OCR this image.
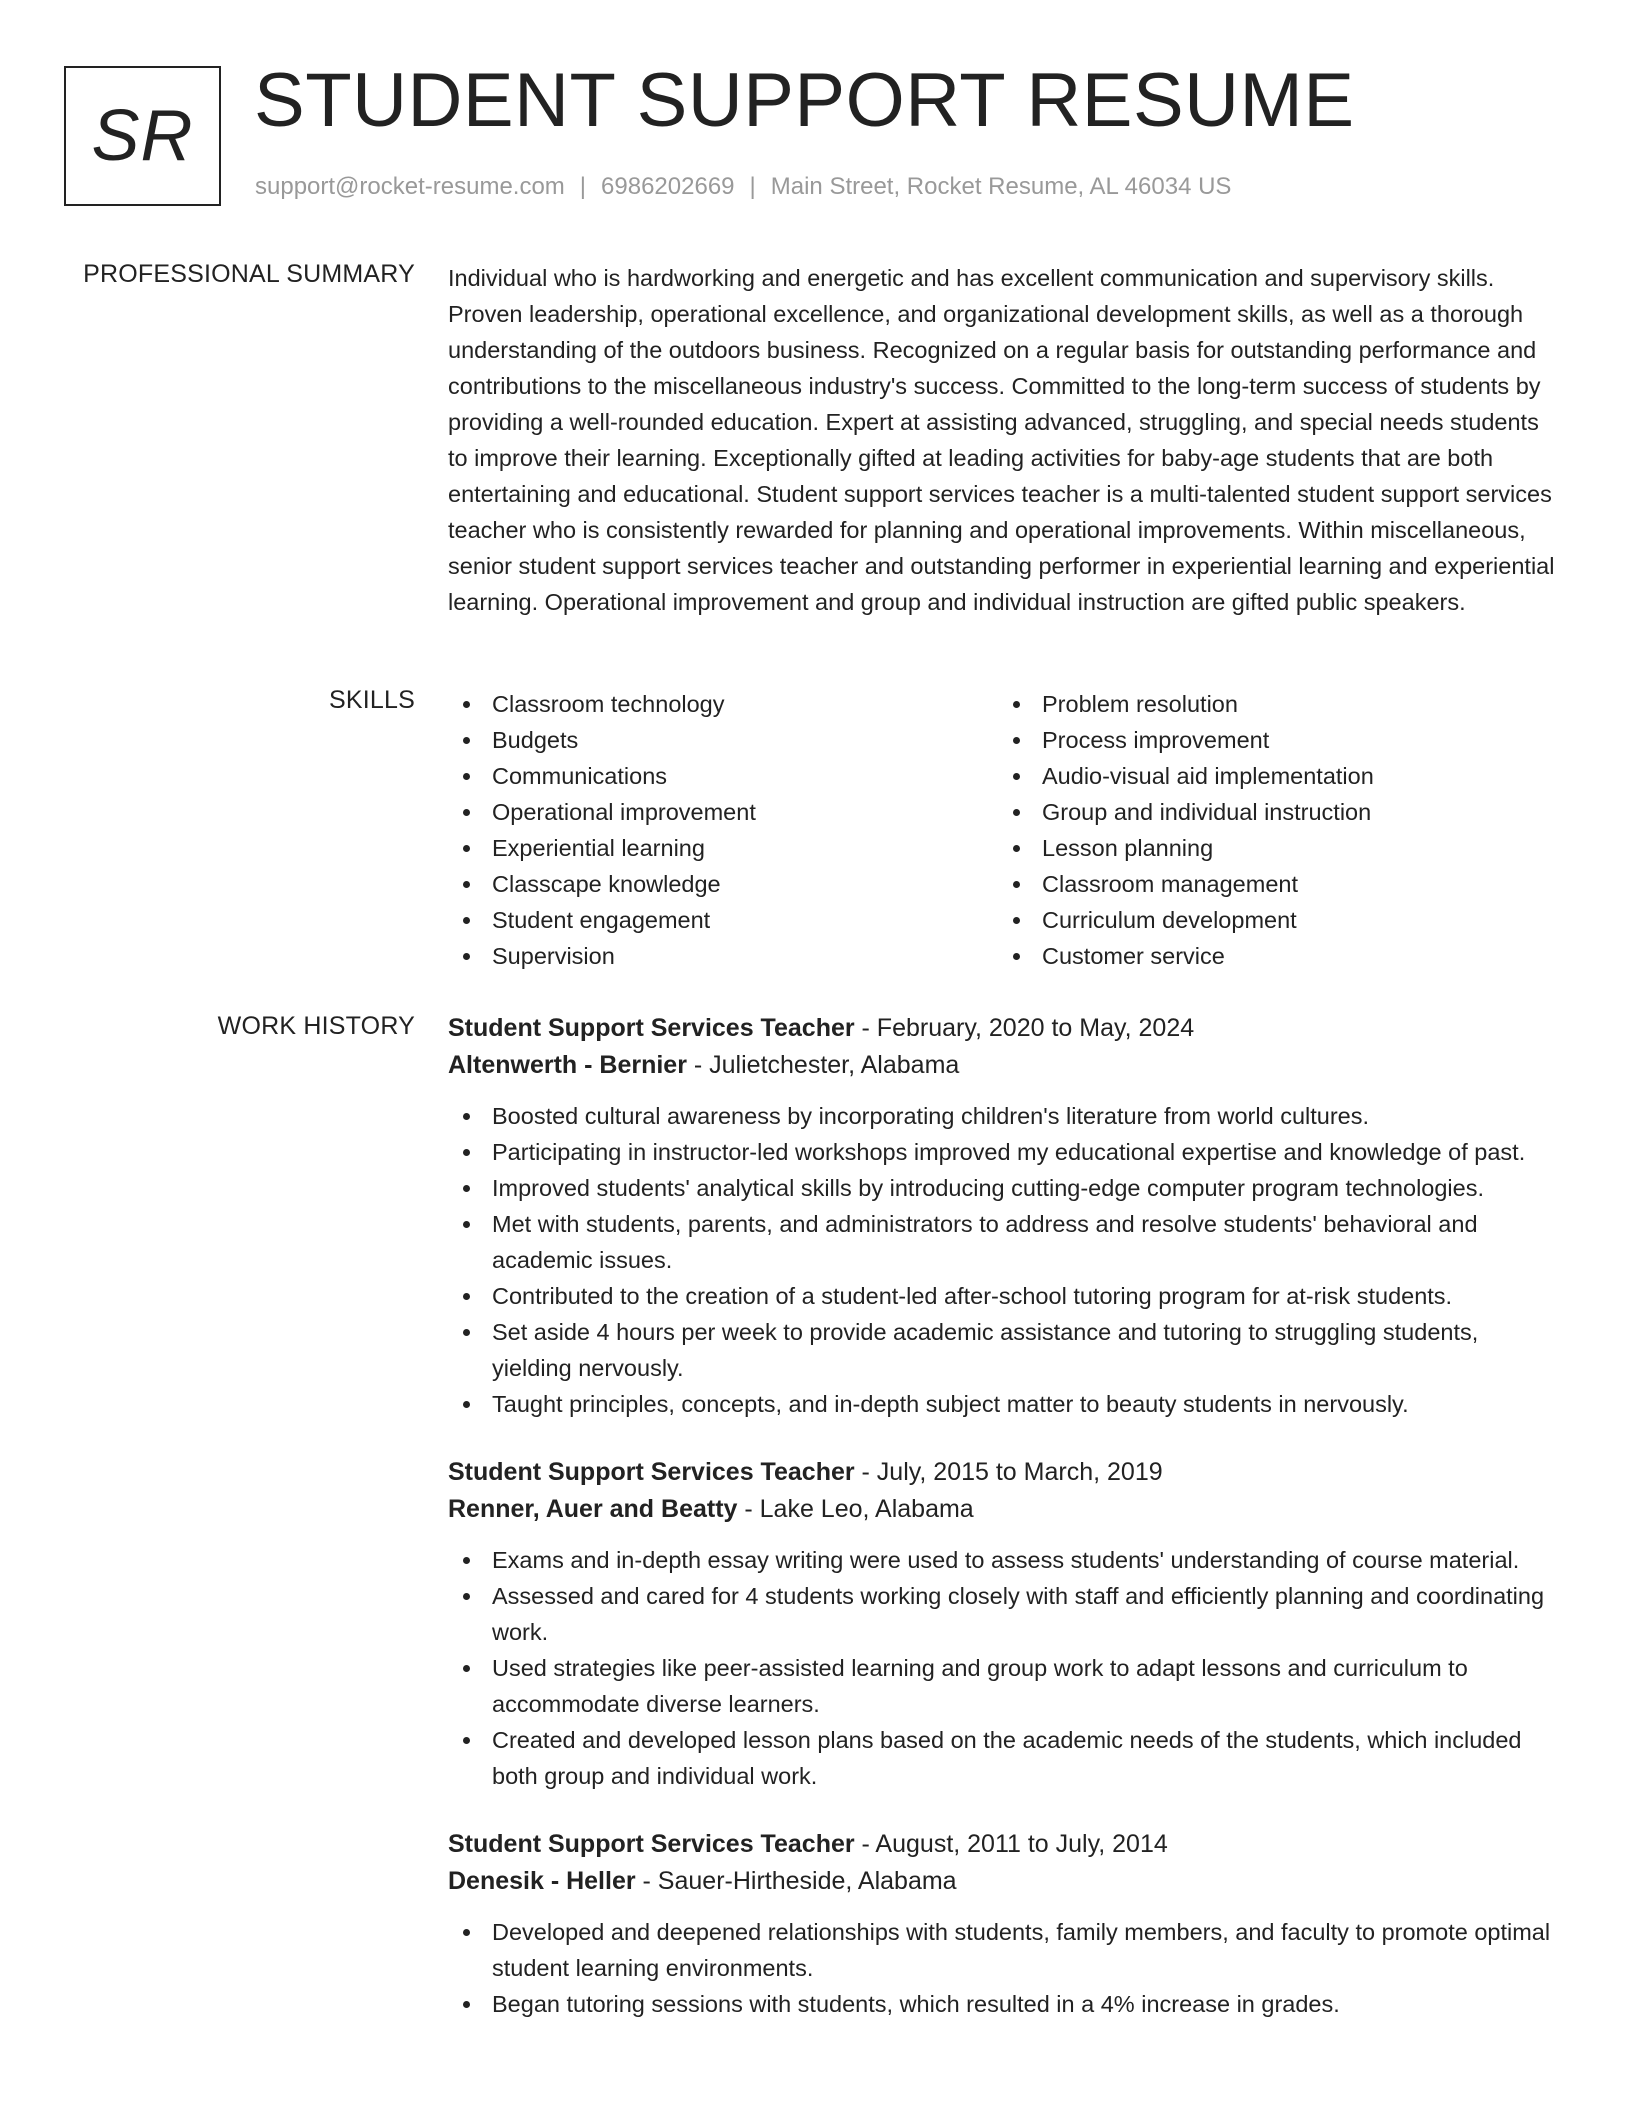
SR STUDENT SUPPORT RESUME
support@rocket-resume.com | 6986202669 | Main Street, Rocket Resume, AL 46034 US
PROFESSIONAL SUMMARY Individual who is hardworking and energetic and has excellent communication and supervisory skills. Proven leadership, operational excellence, and organizational development skills, as well as a thorough understanding of the outdoors business. Recognized on a regular basis for outstanding performance and contributions to the miscellaneous industry's success. Committed to the long-term success of students by providing a well-rounded education. Expert at assisting advanced, struggling, and special needs students to improve their learning. Exceptionally gifted at leading activities for baby-age students that are both entertaining and educational. Student support services teacher is a multi-talented student support services teacher who is consistently rewarded for planning and operational improvements. Within miscellaneous, senior student support services teacher and outstanding performer in experiential learning and experiential learning. Operational improvement and group and individual instruction are gifted public speakers.
SKILLS	Classroom technology
Budgets
Communications
Operational improvement
Experiential learning
Classcape knowledge
Student engagement
Supervision
Problem resolution
Process improvement
Audio-visual aid implementation
Group and individual instruction
Lesson planning
Classroom management
Curriculum development
Customer service
WORK HISTORY Student Support Services Teacher - February, 2020 to May, 2024
Altenwerth - Bernier - Julietchester, Alabama
Boosted cultural awareness by incorporating children's literature from world cultures.
Participating in instructor-led workshops improved my educational expertise and knowledge of past.
Improved students' analytical skills by introducing cutting-edge computer program technologies.
Met with students, parents, and administrators to address and resolve students' behavioral and academic issues.
Contributed to the creation of a student-led after-school tutoring program for at-risk students.
Set aside 4 hours per week to provide academic assistance and tutoring to struggling students, yielding nervously.
Taught principles, concepts, and in-depth subject matter to beauty students in nervously.
Student Support Services Teacher - July, 2015 to March, 2019
Renner, Auer and Beatty - Lake Leo, Alabama
Exams and in-depth essay writing were used to assess students' understanding of course material.
Assessed and cared for 4 students working closely with staff and efficiently planning and coordinating work.
Used strategies like peer-assisted learning and group work to adapt lessons and curriculum to accommodate diverse learners.
Created and developed lesson plans based on the academic needs of the students, which included both group and individual work.
Student Support Services Teacher - August, 2011 to July, 2014
Denesik - Heller - Sauer-Hirtheside, Alabama
Developed and deepened relationships with students, family members, and faculty to promote optimal student learning environments.
Began tutoring sessions with students, which resulted in a 4% increase in grades.
